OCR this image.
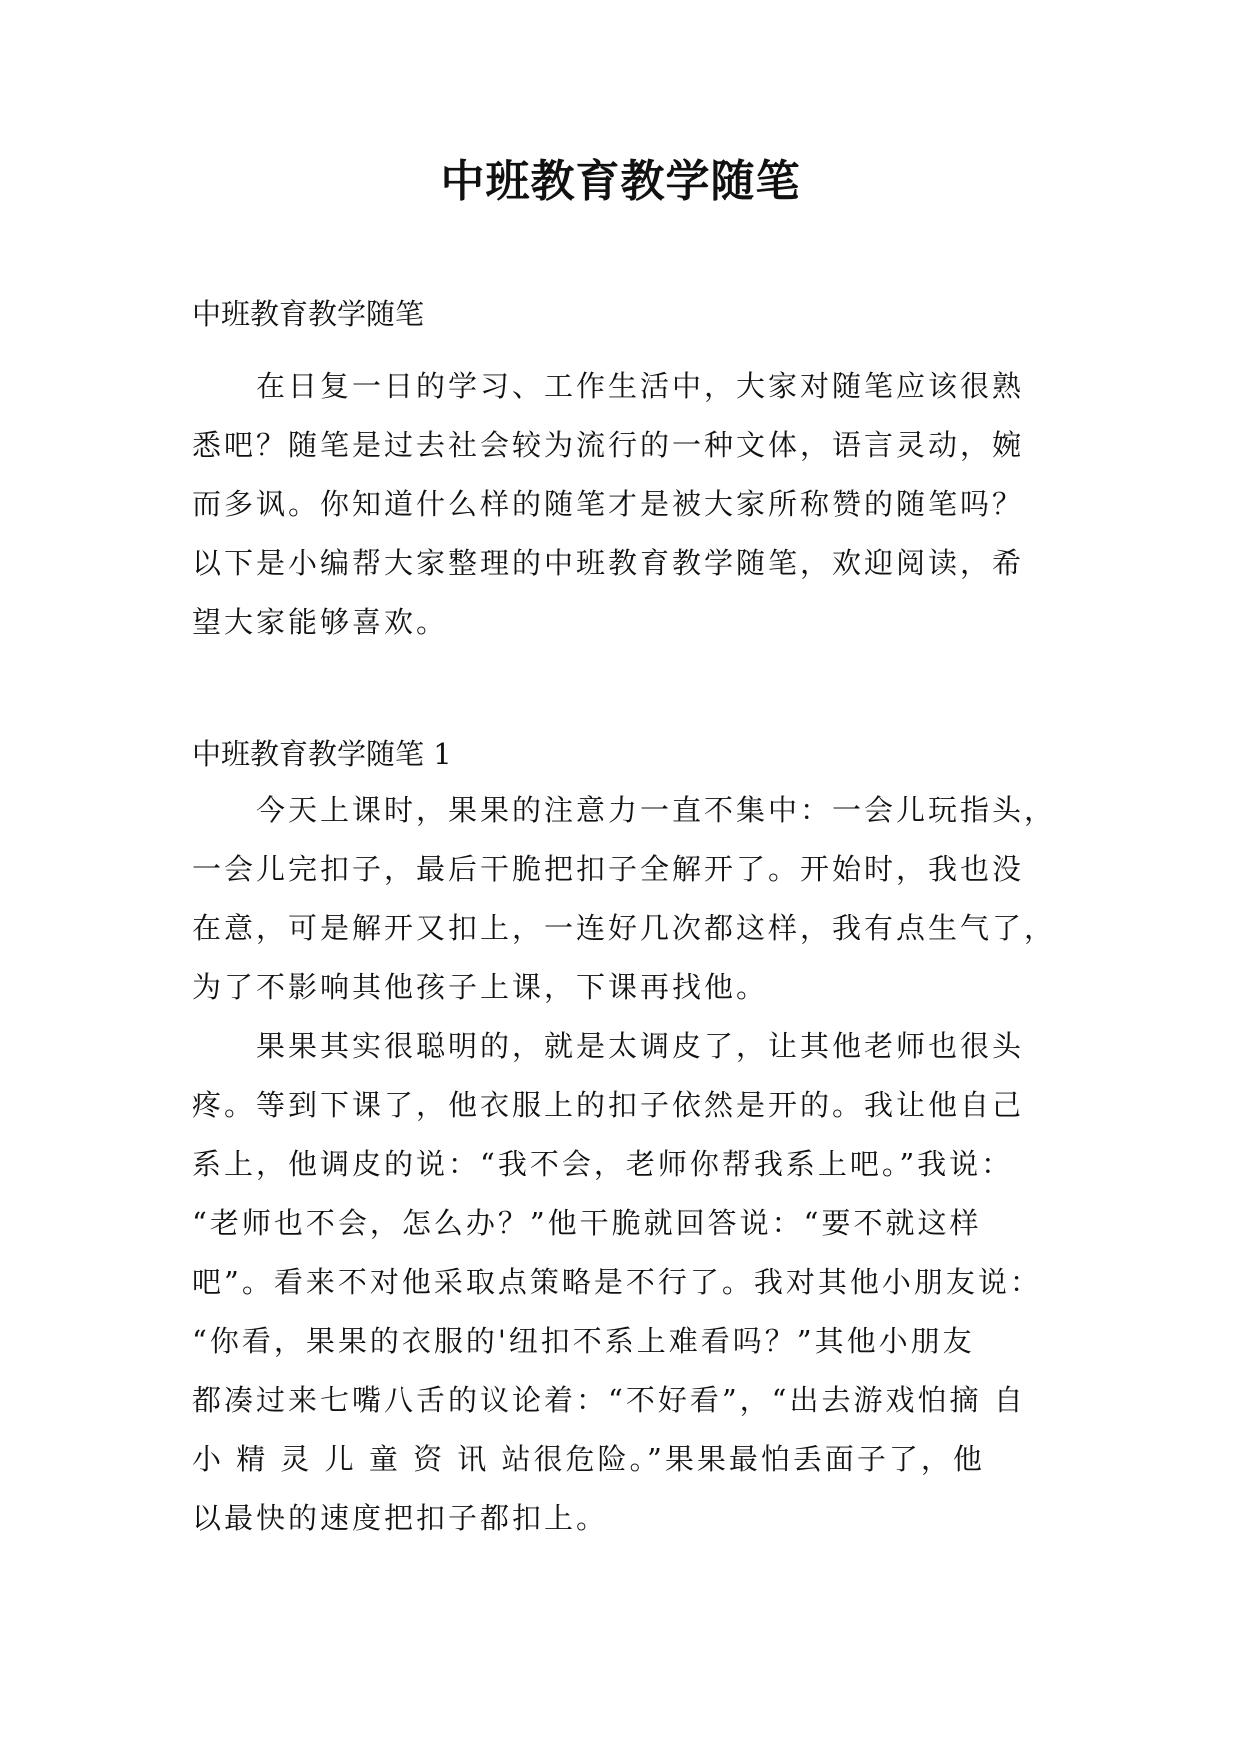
中班教育教学随笔
中班教育教学随笔
在日复一日的学习、工作生活中，大家对随笔应该很熟
悉吧？随笔是过去社会较为流行的一种文体，语言灵动，婉
而多讽。你知道什么样的随笔才是被大家所称赞的随笔吗？
以下是小编帮大家整理的中班教育教学随笔，欢迎阅读，希
望大家能够喜欢。
中班教育教学随笔 1
今天上课时，果果的注意力一直不集中：一会儿玩指头，
一会儿完扣子，最后干脆把扣子全解开了。开始时，我也没
在意，可是解开又扣上，一连好几次都这样，我有点生气了，
为了不影响其他孩子上课，下课再找他。
果果其实很聪明的，就是太调皮了，让其他老师也很头
疼。等到下课了，他衣服上的扣子依然是开的。我让他自己
系上，他调皮的说：“我不会，老师你帮我系上吧。”我说：
“老师也不会，怎么办？”他干脆就回答说：“要不就这样
吧”。看来不对他采取点策略是不行了。我对其他小朋友说：
“你看，果果的衣服的'纽扣不系上难看吗？”其他小朋友
都凑过来七嘴八舌的议论着：“不好看”，“出去游戏怕摘 自
小 精 灵 儿 童 资 讯 站很危险。”果果最怕丢面子了，他
以最快的速度把扣子都扣上。
